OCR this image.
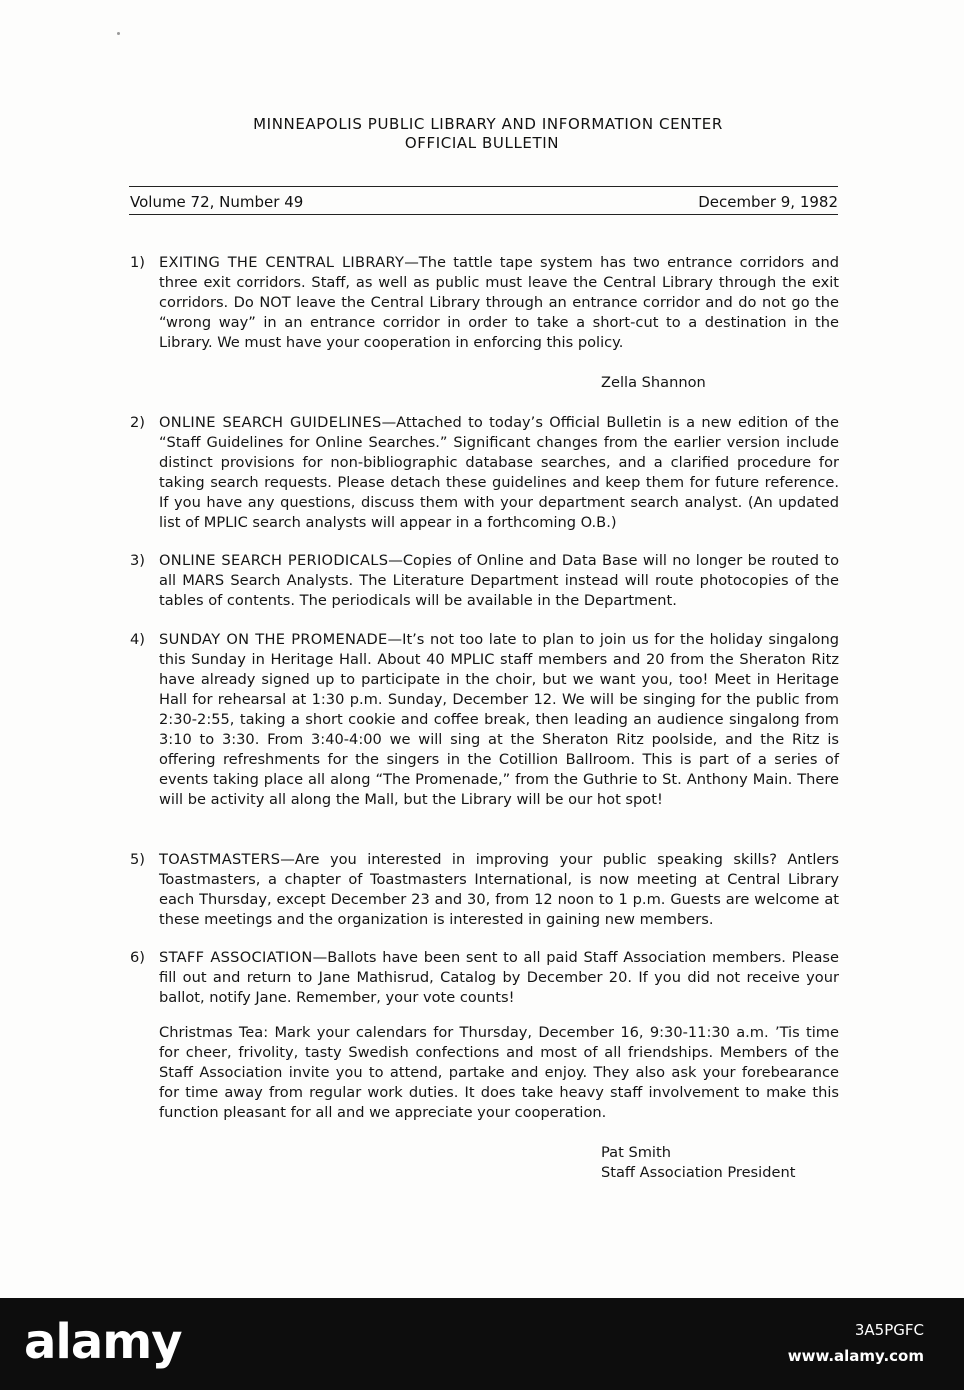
MINNEAPOLIS PUBLIC LIBRARY AND INFORMATION CENTER
OFFICIAL BULLETIN
Volume 72, Number 49	December 9, 1982
1) EXITING THE CENTRAL LIBRARY—The tattle tape system has two entrance corridors and three exit corridors. Staff, as well as public must leave the Central Library through the exit corridors. Do NOT leave the Central Library through an entrance corridor and do not go the “wrong way” in an entrance corridor in order to take a short-cut to a destination in the Library. We must have your cooperation in enforcing this policy.
Zella Shannon
2) ONLINE SEARCH GUIDELINES—Attached to today’s Official Bulletin is a new edition of the “Staff Guidelines for Online Searches.” Significant changes from the earlier version include distinct provisions for non-bibliographic database searches, and a clarified procedure for taking search requests. Please detach these guidelines and keep them for future reference. If you have any questions, discuss them with your department search analyst. (An updated list of MPLIC search analysts will appear in a forthcoming O.B.)
3) ONLINE SEARCH PERIODICALS—Copies of Online and Data Base will no longer be routed to all MARS Search Analysts. The Literature Department instead will route photocopies of the tables of contents. The periodicals will be available in the Department.
4) SUNDAY ON THE PROMENADE—It’s not too late to plan to join us for the holiday singalong this Sunday in Heritage Hall. About 40 MPLIC staff members and 20 from the Sheraton Ritz have already signed up to participate in the choir, but we want you, too! Meet in Heritage Hall for rehearsal at 1:30 p.m. Sunday, December 12. We will be singing for the public from 2:30-2:55, taking a short cookie and coffee break, then leading an audience singalong from 3:10 to 3:30. From 3:40-4:00 we will sing at the Sheraton Ritz poolside, and the Ritz is offering refreshments for the singers in the Cotillion Ballroom. This is part of a series of events taking place all along “The Promenade,” from the Guthrie to St. Anthony Main. There will be activity all along the Mall, but the Library will be our hot spot!
5) TOASTMASTERS—Are you interested in improving your public speaking skills? Antlers Toastmasters, a chapter of Toastmasters International, is now meeting at Central Library each Thursday, except December 23 and 30, from 12 noon to 1 p.m. Guests are welcome at these meetings and the organization is interested in gaining new members.
6) STAFF ASSOCIATION—Ballots have been sent to all paid Staff Association members. Please fill out and return to Jane Mathisrud, Catalog by December 20. If you did not receive your ballot, notify Jane. Remember, your vote counts!
Christmas Tea: Mark your calendars for Thursday, December 16, 9:30-11:30 a.m. ’Tis time for cheer, frivolity, tasty Swedish confections and most of all friendships. Members of the Staff Association invite you to attend, partake and enjoy. They also ask your forebearance for time away from regular work duties. It does take heavy staff involvement to make this function pleasant for all and we appreciate your cooperation.
Pat Smith
Staff Association President
alamy	3A5PGFC
www.alamy.com
